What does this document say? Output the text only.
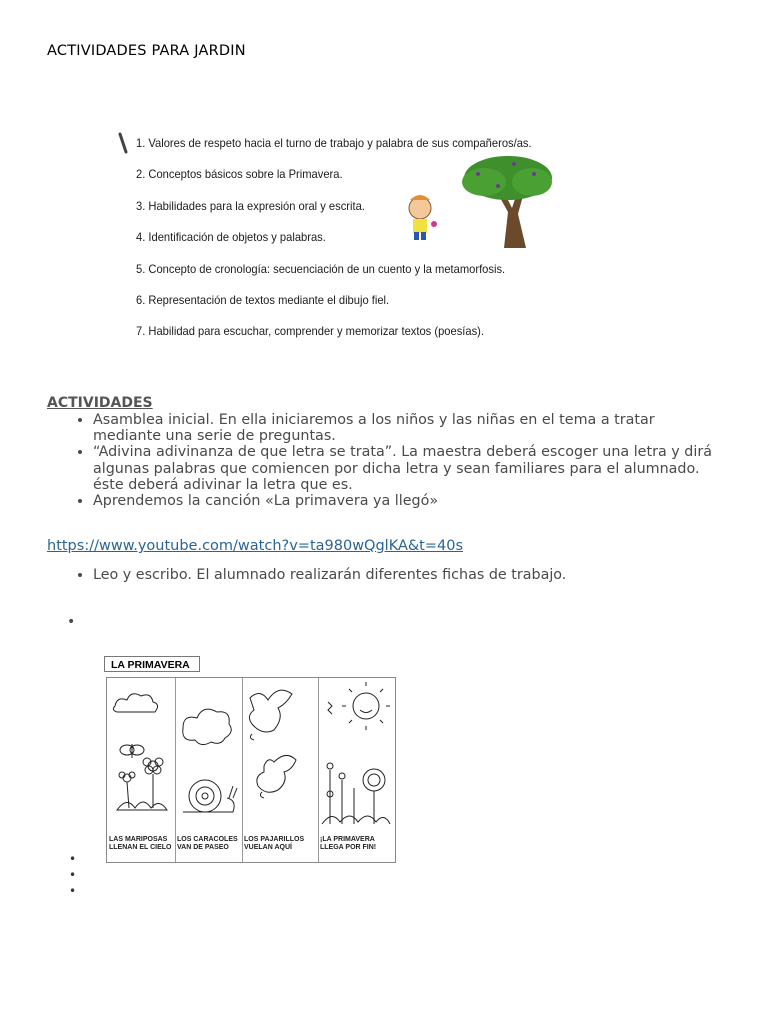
ACTIVIDADES PARA JARDIN
1. Valores de respeto hacia el turno de trabajo y palabra de sus compañeros/as.
2. Conceptos básicos sobre la Primavera.
3. Habilidades para la expresión oral y escrita.
4. Identificación de objetos y palabras.
5. Concepto de cronología: secuenciación de un cuento y la metamorfosis.
6. Representación de textos mediante el dibujo fiel.
7. Habilidad para escuchar, comprender y memorizar textos (poesías).
ACTIVIDADES
• Asamblea inicial. En ella iniciaremos a los niños y las niñas en el tema a tratar mediante una serie de preguntas.
• “Adivina adivinanza de que letra se trata”. La maestra deberá escoger una letra y dirá algunas palabras que comiencen por dicha letra y sean familiares para el alumnado. éste deberá adivinar la letra que es.
• Aprendemos la canción «La primavera ya llegó»
https://www.youtube.com/watch?v=ta980wQglKA&t=40s
• Leo y escribo. El alumnado realizarán diferentes fichas de trabajo.
•
LA PRIMAVERA
LAS MARIPOSAS
LLENAN EL CIELO
LOS CARACOLES
VAN DE PASEO
LOS PAJARILLOS
VUELAN AQUÍ
¡LA PRIMAVERA
LLEGA POR FIN!
•
•
•
